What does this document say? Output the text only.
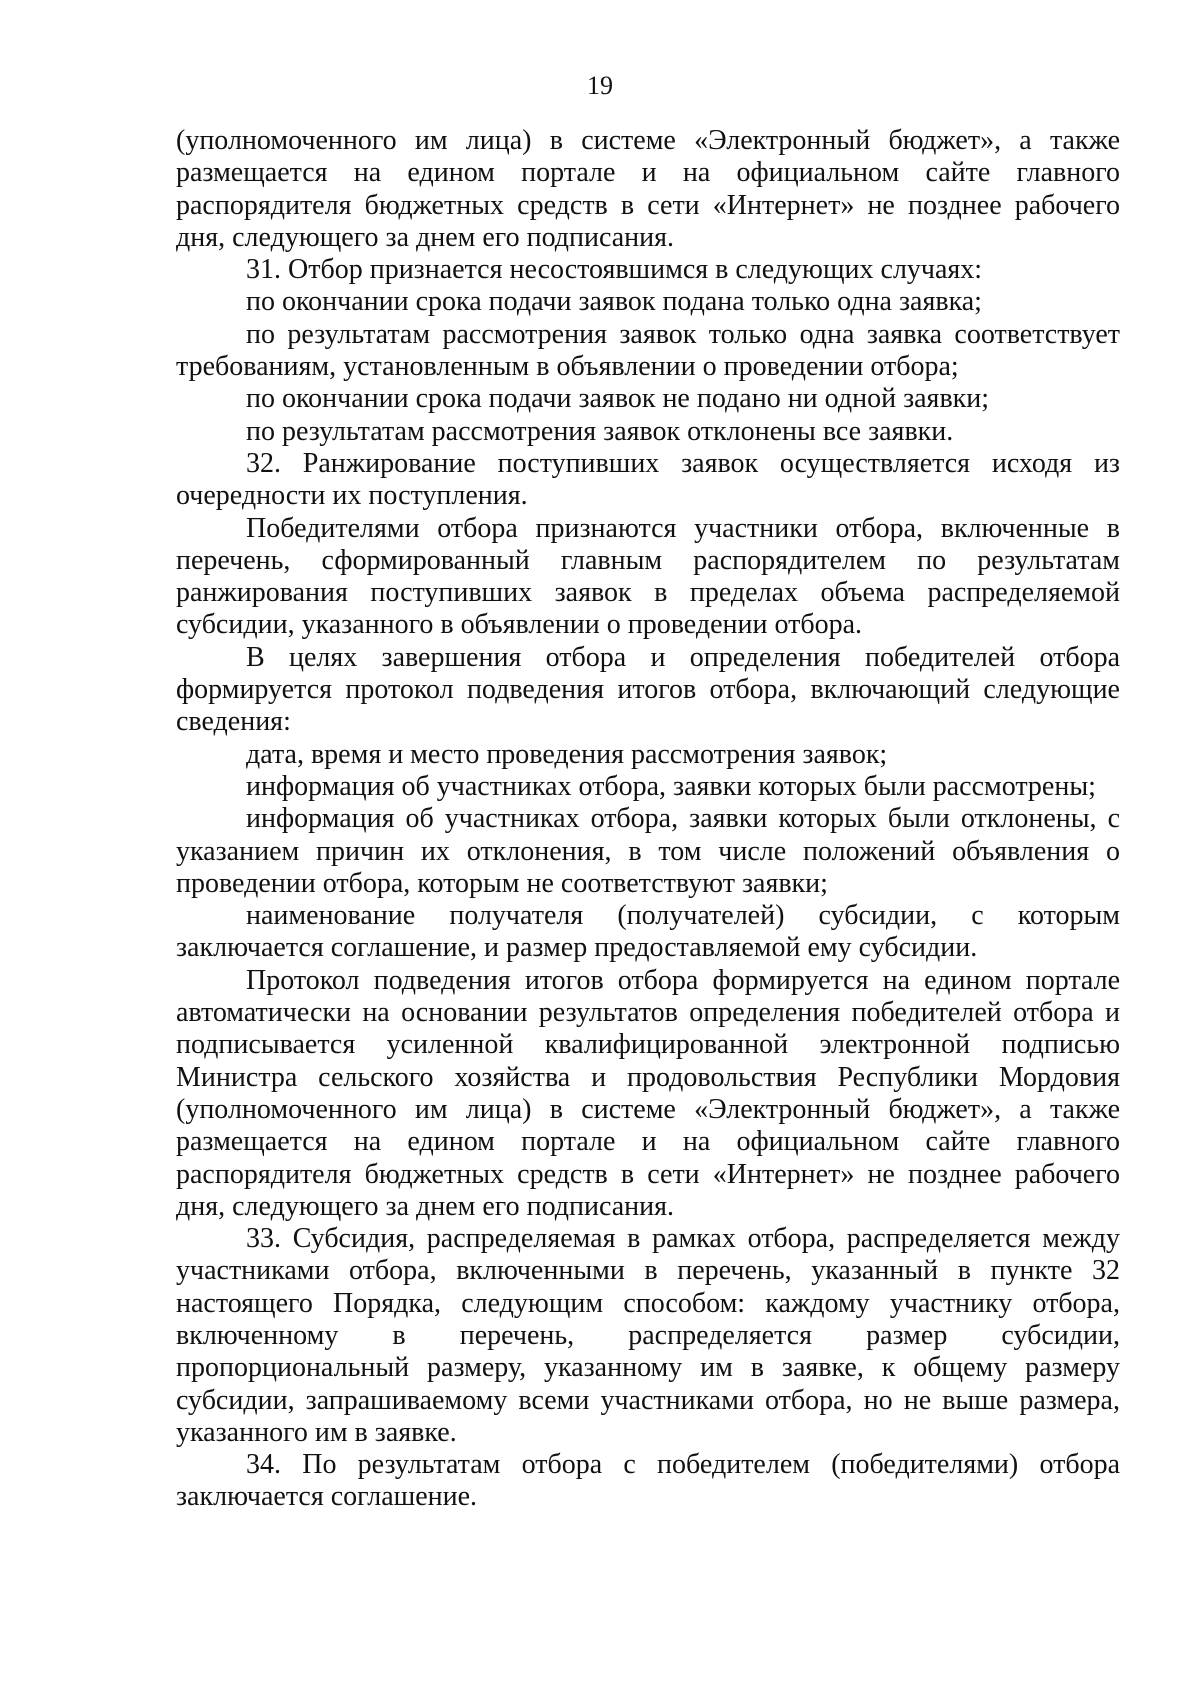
19

(уполномоченного им лица) в системе «Электронный бюджет», а также размещается на едином портале и на официальном сайте главного распорядителя бюджетных средств в сети «Интернет» не позднее рабочего дня, следующего за днем его подписания.

31. Отбор признается несостоявшимся в следующих случаях:

по окончании срока подачи заявок подана только одна заявка;

по результатам рассмотрения заявок только одна заявка соответствует требованиям, установленным в объявлении о проведении отбора;

по окончании срока подачи заявок не подано ни одной заявки;

по результатам рассмотрения заявок отклонены все заявки.

32. Ранжирование поступивших заявок осуществляется исходя из очередности их поступления.

Победителями отбора признаются участники отбора, включенные в перечень, сформированный главным распорядителем по результатам ранжирования поступивших заявок в пределах объема распределяемой субсидии, указанного в объявлении о проведении отбора.

В целях завершения отбора и определения победителей отбора формируется протокол подведения итогов отбора, включающий следующие сведения:

дата, время и место проведения рассмотрения заявок;

информация об участниках отбора, заявки которых были рассмотрены;

информация об участниках отбора, заявки которых были отклонены, с указанием причин их отклонения, в том числе положений объявления о проведении отбора, которым не соответствуют заявки;

наименование получателя (получателей) субсидии, с которым заключается соглашение, и размер предоставляемой ему субсидии.

Протокол подведения итогов отбора формируется на едином портале автоматически на основании результатов определения победителей отбора и подписывается усиленной квалифицированной электронной подписью Министра сельского хозяйства и продовольствия Республики Мордовия (уполномоченного им лица) в системе «Электронный бюджет», а также размещается на едином портале и на официальном сайте главного распорядителя бюджетных средств в сети «Интернет» не позднее рабочего дня, следующего за днем его подписания.

33. Субсидия, распределяемая в рамках отбора, распределяется между участниками отбора, включенными в перечень, указанный в пункте 32 настоящего Порядка, следующим способом: каждому участнику отбора, включенному в перечень, распределяется размер субсидии, пропорциональный размеру, указанному им в заявке, к общему размеру субсидии, запрашиваемому всеми участниками отбора, но не выше размера, указанного им в заявке.

34. По результатам отбора с победителем (победителями) отбора заключается соглашение.
